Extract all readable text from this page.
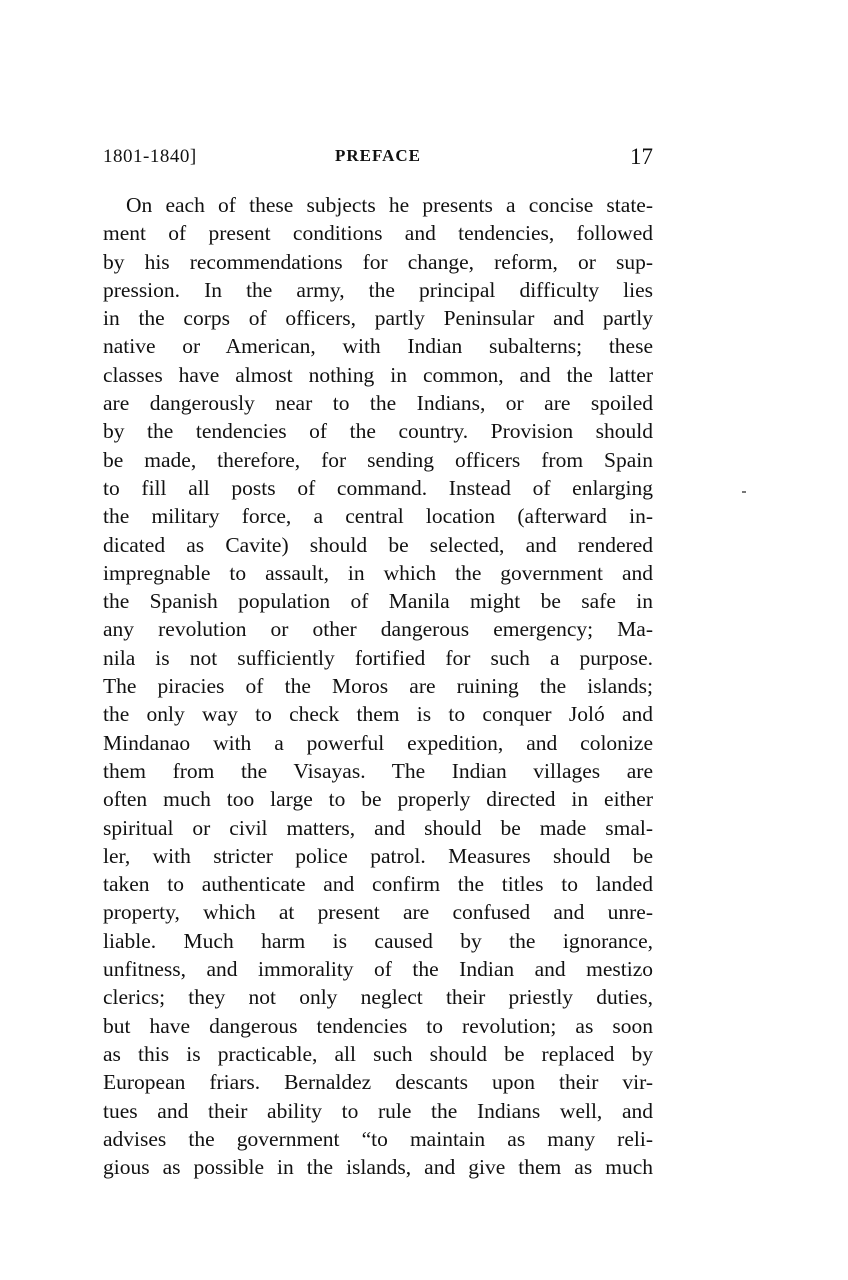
1801-1840]	PREFACE	17
On each of these subjects he presents a concise state-
ment of present conditions and tendencies, followed
by his recommendations for change, reform, or sup-
pression. In the army, the principal difficulty lies
in the corps of officers, partly Peninsular and partly
native or American, with Indian subalterns; these
classes have almost nothing in common, and the latter
are dangerously near to the Indians, or are spoiled
by the tendencies of the country. Provision should
be made, therefore, for sending officers from Spain
to fill all posts of command. Instead of enlarging
the military force, a central location (afterward in-
dicated as Cavite) should be selected, and rendered
impregnable to assault, in which the government and
the Spanish population of Manila might be safe in
any revolution or other dangerous emergency; Ma-
nila is not sufficiently fortified for such a purpose.
The piracies of the Moros are ruining the islands;
the only way to check them is to conquer Joló and
Mindanao with a powerful expedition, and colonize
them from the Visayas. The Indian villages are
often much too large to be properly directed in either
spiritual or civil matters, and should be made smal-
ler, with stricter police patrol. Measures should be
taken to authenticate and confirm the titles to landed
property, which at present are confused and unre-
liable. Much harm is caused by the ignorance,
unfitness, and immorality of the Indian and mestizo
clerics; they not only neglect their priestly duties,
but have dangerous tendencies to revolution; as soon
as this is practicable, all such should be replaced by
European friars. Bernaldez descants upon their vir-
tues and their ability to rule the Indians well, and
advises the government “to maintain as many reli-
gious as possible in the islands, and give them as much
